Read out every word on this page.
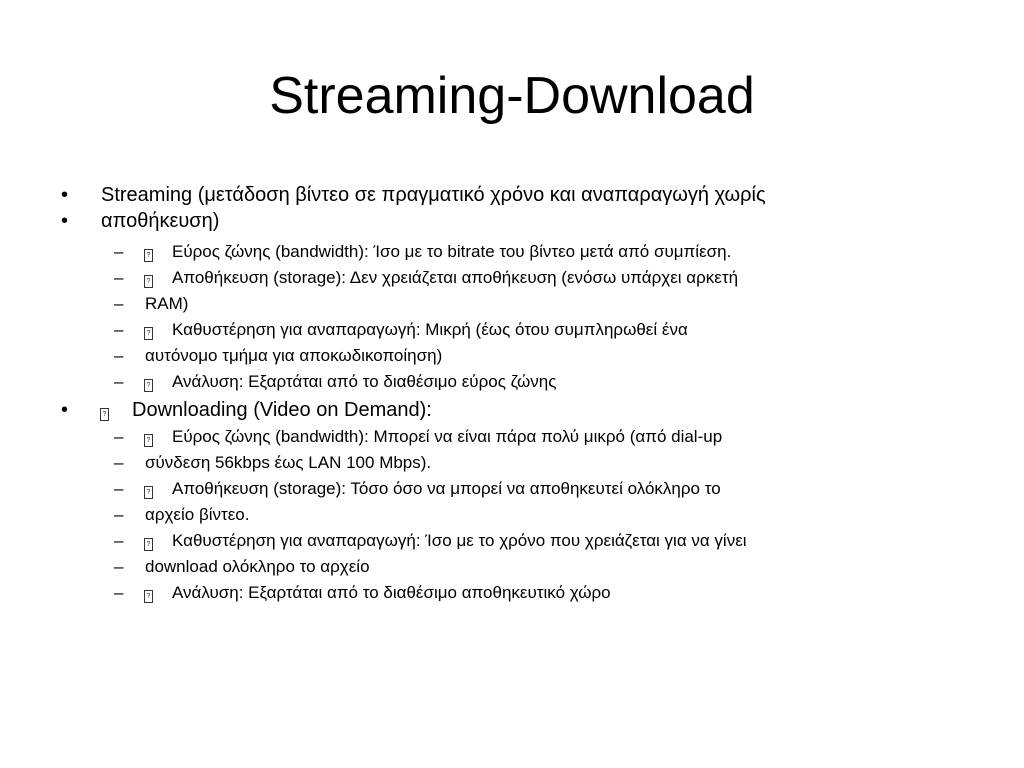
Streaming-Download
•	Streaming (μετάδοση βίντεο σε πραγματικό χρόνο και αναπαραγωγή χωρίς
•	αποθήκευση)
–	? Εύρος ζώνης (bandwidth): Ίσο με το bitrate του βίντεο μετά από συμπίεση.
–	? Αποθήκευση (storage): Δεν χρειάζεται αποθήκευση (ενόσω υπάρχει αρκετή
– RAM)
–	? Καθυστέρηση για αναπαραγωγή: Μικρή (έως ότου συμπληρωθεί ένα
– αυτόνομο τμήμα για αποκωδικοποίηση)
–	? Ανάλυση: Εξαρτάται από το διαθέσιμο εύρος ζώνης
•	? Downloading (Video on Demand):
–	? Εύρος ζώνης (bandwidth): Μπορεί να είναι πάρα πολύ μικρό (από dial-up
– σύνδεση 56kbps έως LAN 100 Mbps).
–	? Αποθήκευση (storage): Τόσο όσο να μπορεί να αποθηκευτεί ολόκληρο το
– αρχείο βίντεο.
–	? Καθυστέρηση για αναπαραγωγή: Ίσο με το χρόνο που χρειάζεται για να γίνει
– download ολόκληρο το αρχείο
–	? Ανάλυση: Εξαρτάται από το διαθέσιμο αποθηκευτικό χώρο
